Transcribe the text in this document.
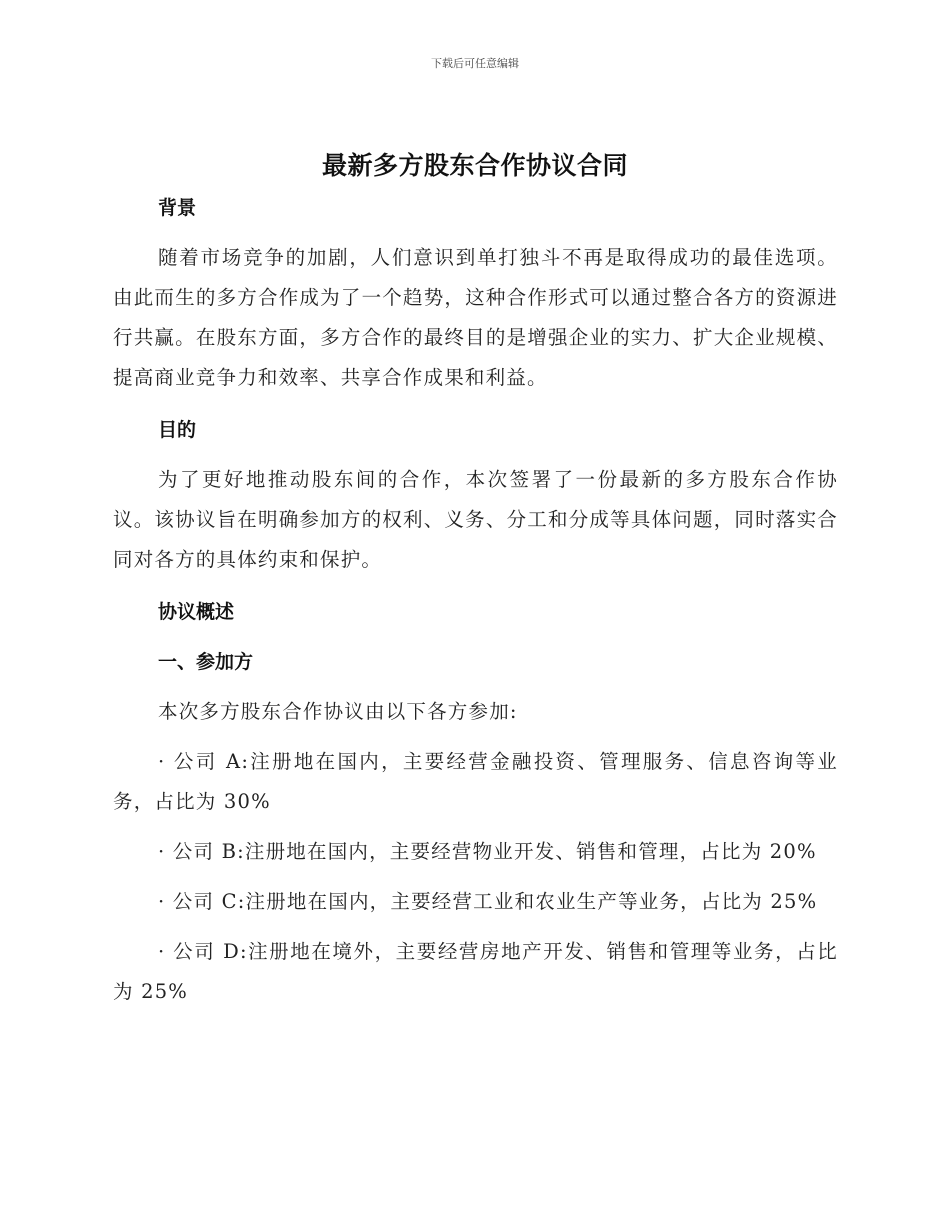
下载后可任意编辑
最新多方股东合作协议合同

背景

随着市场竞争的加剧，人们意识到单打独斗不再是取得成功的最佳选项。由此而生的多方合作成为了一个趋势，这种合作形式可以通过整合各方的资源进行共赢。在股东方面，多方合作的最终目的是增强企业的实力、扩大企业规模、提高商业竞争力和效率、共享合作成果和利益。

目的

为了更好地推动股东间的合作，本次签署了一份最新的多方股东合作协议。该协议旨在明确参加方的权利、义务、分工和分成等具体问题，同时落实合同对各方的具体约束和保护。

协议概述

一、参加方

本次多方股东合作协议由以下各方参加:

· 公司 A:注册地在国内，主要经营金融投资、管理服务、信息咨询等业务，占比为 30%

· 公司 B:注册地在国内，主要经营物业开发、销售和管理，占比为 20%

· 公司 C:注册地在国内，主要经营工业和农业生产等业务，占比为 25%

· 公司 D:注册地在境外，主要经营房地产开发、销售和管理等业务，占比为 25%
